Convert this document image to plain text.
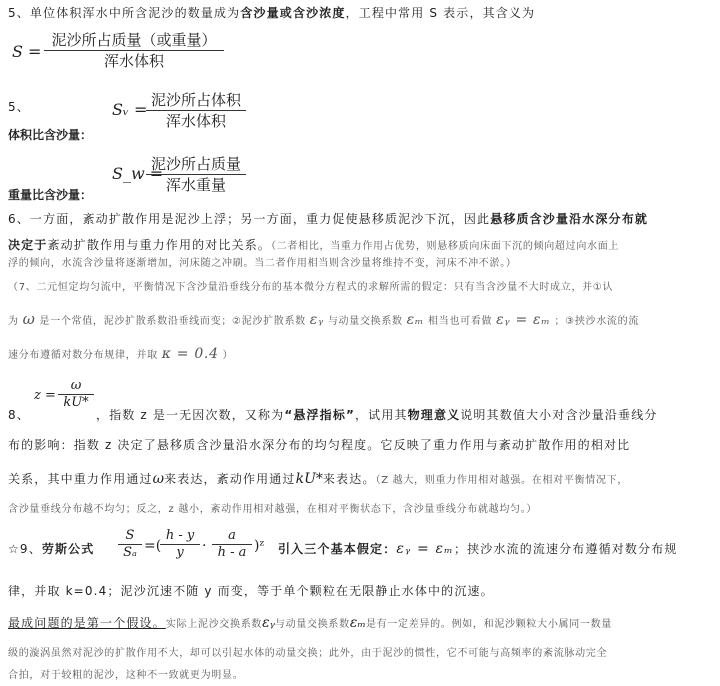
5、单位体积浑水中所含泥沙的数量成为含沙量或含沙浓度，工程中常用 S 表示，其含义为
S =
泥沙所占质量（或重量）
浑水体积
5、	Sᵥ = 泥沙所占体积
浑水体积
体积比含沙量：
S_w =
泥沙所占质量
浑水重量
重量比含沙量：
6、一方面，紊动扩散作用是泥沙上浮；另一方面，重力促使悬移质泥沙下沉，因此悬移质含沙量沿水深分布就
决定于紊动扩散作用与重力作用的对比关系。（二者相比，当重力作用占优势，则悬移质向床面下沉的倾向超过向水面上
浮的倾向，水流含沙量将逐渐增加，河床随之冲刷。当二者作用相当则含沙量将维持不变，河床不冲不淤。）
（7、二元恒定均匀流中，平衡情况下含沙量沿垂线分布的基本微分方程式的求解所需的假定：只有当含沙量不大时成立，并①认
为 ω 是一个常值，泥沙扩散系数沿垂线而变；②泥沙扩散系数 εᵧ 与动量交换系数 εₘ 相当也可看做 εᵧ = εₘ ；③挟沙水流的流
速分布遵循对数分布规律，并取 κ = 0.4 ）
z =
ω
kU*
8、	，指数 z 是一无因次数，又称为“悬浮指标”，试用其物理意义说明其数值大小对含沙量沿垂线分
布的影响：指数 z 决定了悬移质含沙量沿水深分布的均匀程度。它反映了重力作用与紊动扩散作用的相对比
关系，其中重力作用通过ω来表达，紊动作用通过kU*来表达。（Z 越大，则重力作用相对越强。在相对平衡情况下，
含沙量垂线分布越不均匀；反之，z 越小，紊动作用相对越强，在相对平衡状态下，含沙量垂线分布就越均匀。）
☆9、劳斯公式
S
Sₐ =(
h - y
y	·
a
h - a )ᶻ 引入三个基本假定：εᵧ = εₘ；挟沙水流的流速分布遵循对数分布规
律，并取 k=0.4；泥沙沉速不随 y 而变，等于单个颗粒在无限静止水体中的沉速。
最成问题的是第一个假设。实际上泥沙交换系数εᵧ与动量交换系数εₘ是有一定差异的。例如，和泥沙颗粒大小属同一数量
级的漩涡虽然对泥沙的扩散作用不大，却可以引起水体的动量交换；此外，由于泥沙的惯性，它不可能与高频率的紊流脉动完全
合拍，对于较粗的泥沙，这种不一致就更为明显。
